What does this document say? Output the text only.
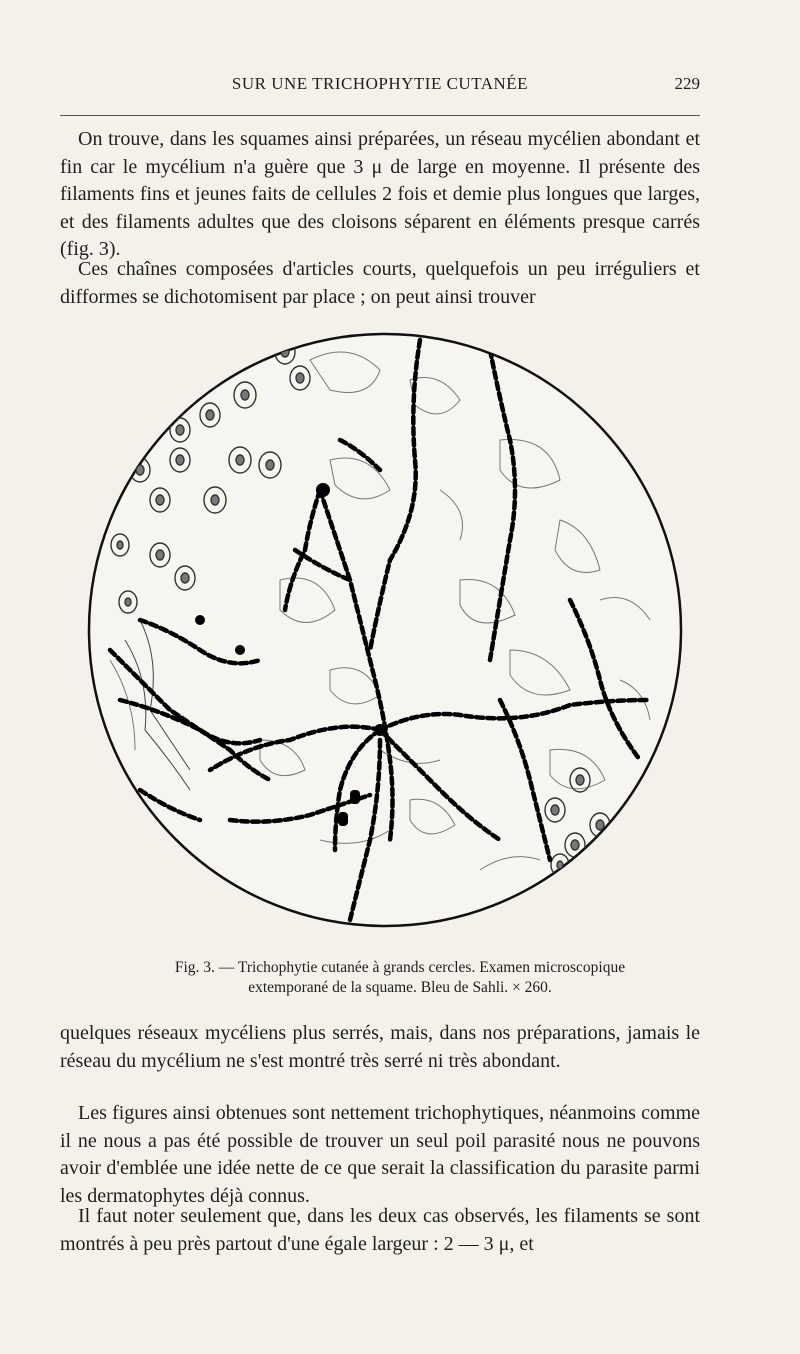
SUR UNE TRICHOPHYTIE CUTANÉE	229

On trouve, dans les squames ainsi préparées, un réseau mycélien abondant et fin car le mycélium n'a guère que 3 μ de large en moyenne. Il présente des filaments fins et jeunes faits de cellules 2 fois et demie plus longues que larges, et des filaments adultes que des cloisons séparent en éléments presque carrés (fig. 3).

Ces chaînes composées d'articles courts, quelquefois un peu irréguliers et difformes se dichotomisent par place ; on peut ainsi trouver

Fig. 3. — Trichophytie cutanée à grands cercles. Examen microscopique
extemporané de la squame. Bleu de Sahli. × 260.

quelques réseaux mycéliens plus serrés, mais, dans nos préparations, jamais le réseau du mycélium ne s'est montré très serré ni très abondant.

Les figures ainsi obtenues sont nettement trichophytiques, néanmoins comme il ne nous a pas été possible de trouver un seul poil parasité nous ne pouvons avoir d'emblée une idée nette de ce que serait la classification du parasite parmi les dermatophytes déjà connus.

Il faut noter seulement que, dans les deux cas observés, les filaments se sont montrés à peu près partout d'une égale largeur : 2 — 3 μ, et
